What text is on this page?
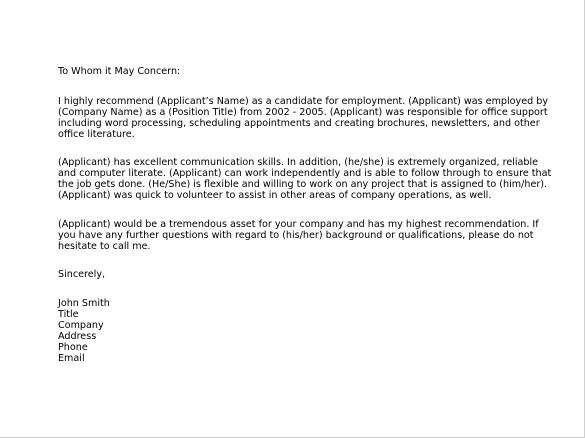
To Whom it May Concern:
I highly recommend (Applicant’s Name) as a candidate for employment. (Applicant) was employed by
(Company Name) as a (Position Title) from 2002 - 2005. (Applicant) was responsible for office support
including word processing, scheduling appointments and creating brochures, newsletters, and other
office literature.
(Applicant) has excellent communication skills. In addition, (he/she) is extremely organized, reliable
and computer literate. (Applicant) can work independently and is able to follow through to ensure that
the job gets done. (He/She) is flexible and willing to work on any project that is assigned to (him/her).
(Applicant) was quick to volunteer to assist in other areas of company operations, as well.
(Applicant) would be a tremendous asset for your company and has my highest recommendation. If
you have any further questions with regard to (his/her) background or qualifications, please do not
hesitate to call me.
Sincerely,
John Smith
Title
Company
Address
Phone
Email
